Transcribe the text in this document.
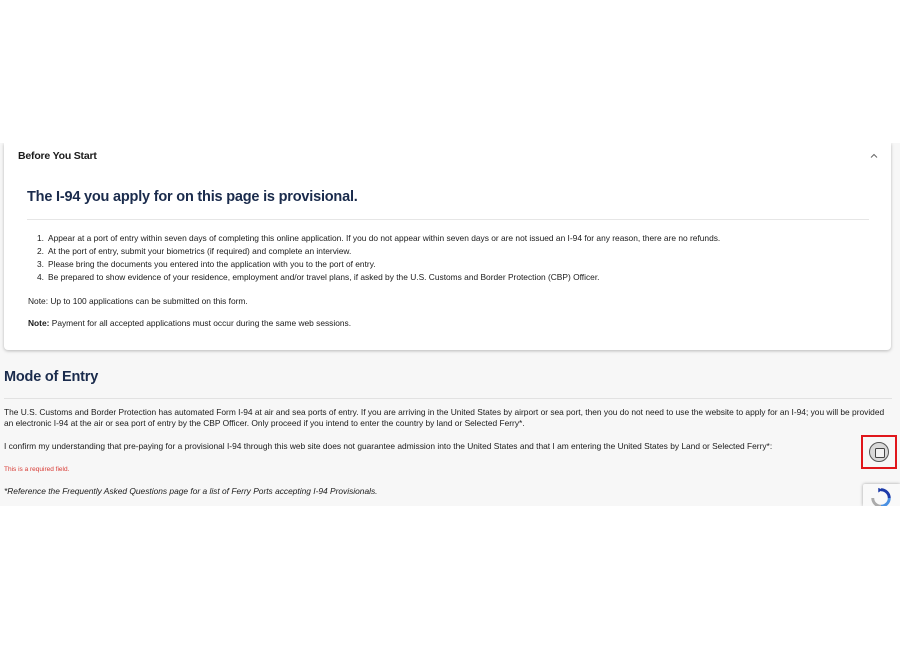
Before You Start
The I-94 you apply for on this page is provisional.
1. Appear at a port of entry within seven days of completing this online application. If you do not appear within seven days or are not issued an I-94 for any reason, there are no refunds.
2. At the port of entry, submit your biometrics (if required) and complete an interview.
3. Please bring the documents you entered into the application with you to the port of entry.
4. Be prepared to show evidence of your residence, employment and/or travel plans, if asked by the U.S. Customs and Border Protection (CBP) Officer.
Note: Up to 100 applications can be submitted on this form.
Note: Payment for all accepted applications must occur during the same web sessions.
Mode of Entry
The U.S. Customs and Border Protection has automated Form I-94 at air and sea ports of entry. If you are arriving in the United States by airport or sea port, then you do not need to use the website to apply for an I-94; you will be provided an electronic I-94 at the air or sea port of entry by the CBP Officer. Only proceed if you intend to enter the country by land or Selected Ferry*.
I confirm my understanding that pre-paying for a provisional I-94 through this web site does not guarantee admission into the United States and that I am entering the United States by Land or Selected Ferry*:
This is a required field.
*Reference the Frequently Asked Questions page for a list of Ferry Ports accepting I-94 Provisionals.
